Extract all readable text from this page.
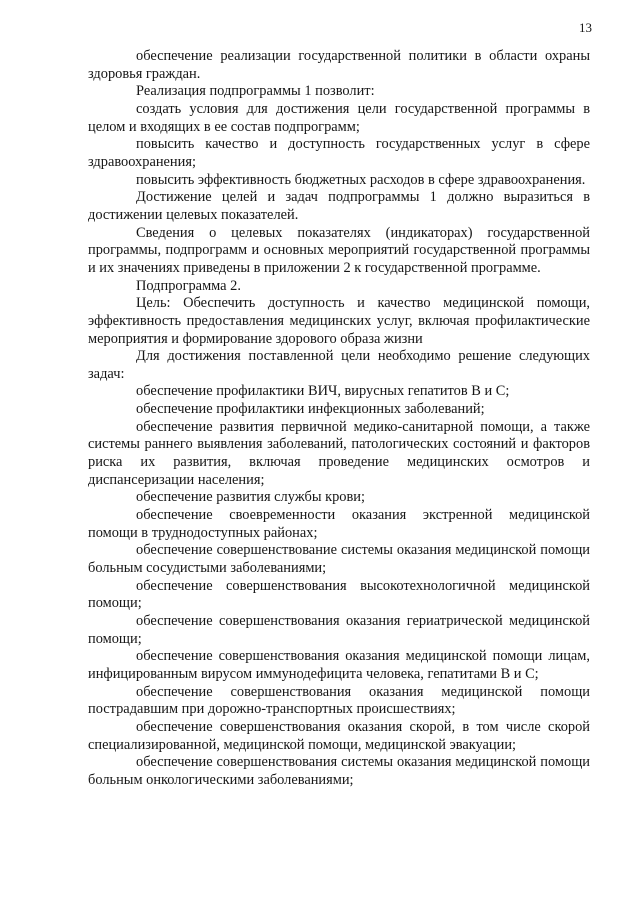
13

обеспечение реализации государственной политики в области охраны здоровья граждан.

Реализация подпрограммы 1 позволит:

создать условия для достижения цели государственной программы в целом и входящих в ее состав подпрограмм;

повысить качество и доступность государственных услуг в сфере здравоохранения;

повысить эффективность бюджетных расходов в сфере здравоохранения.

Достижение целей и задач подпрограммы 1 должно выразиться в достижении целевых показателей.

Сведения о целевых показателях (индикаторах) государственной программы, подпрограмм и основных мероприятий государственной программы и их значениях приведены в приложении 2 к государственной программе.

Подпрограмма 2.

Цель: Обеспечить доступность и качество медицинской помощи, эффективность предоставления медицинских услуг, включая профилактические мероприятия и формирование здорового образа жизни

Для достижения поставленной цели необходимо решение следующих задач:

обеспечение профилактики ВИЧ, вирусных гепатитов В и С;

обеспечение профилактики инфекционных заболеваний;

обеспечение развития первичной медико-санитарной помощи, а также системы раннего выявления заболеваний, патологических состояний и факторов риска их развития, включая проведение медицинских осмотров и диспансеризации населения;

обеспечение развития службы крови;

обеспечение своевременности оказания экстренной медицинской помощи в труднодоступных районах;

обеспечение совершенствование системы оказания медицинской помощи больным сосудистыми заболеваниями;

обеспечение совершенствования высокотехнологичной медицинской помощи;

обеспечение совершенствования оказания гериатрической медицинской помощи;

обеспечение совершенствования оказания медицинской помощи лицам, инфицированным вирусом иммунодефицита человека, гепатитами В и С;

обеспечение совершенствования оказания медицинской помощи пострадавшим при дорожно-транспортных происшествиях;

обеспечение совершенствования оказания скорой, в том числе скорой специализированной, медицинской помощи, медицинской эвакуации;

обеспечение совершенствования системы оказания медицинской помощи больным онкологическими заболеваниями;
